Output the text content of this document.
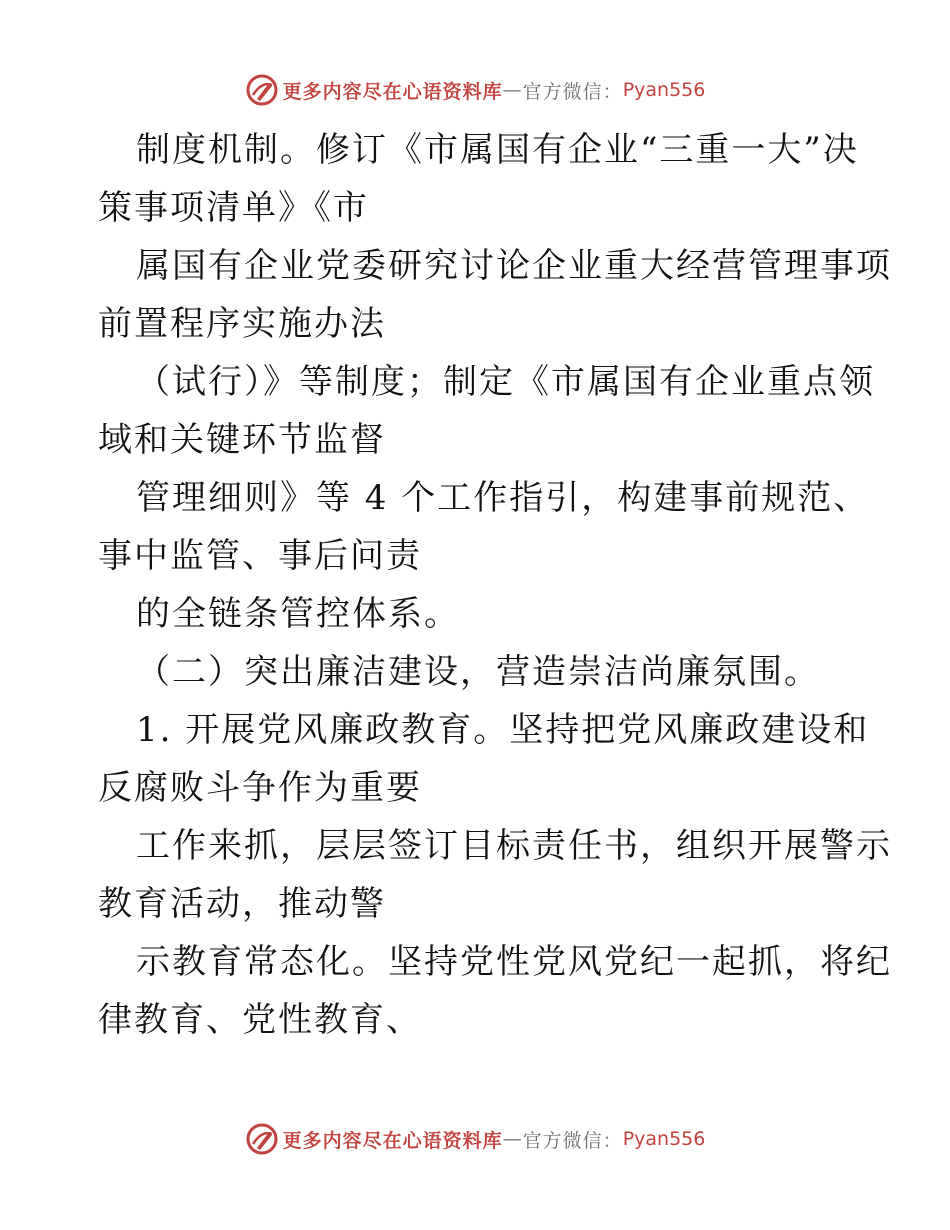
更多内容尽在心语资料库 — 官方微信： Pyan556
制度机制。修订《市属国有企业“三重一大”决
策事项清单》《市
属国有企业党委研究讨论企业重大经营管理事项
前置程序实施办法
（试行）》等制度；制定《市属国有企业重点领
域和关键环节监督
管理细则》等 4 个工作指引，构建事前规范、
事中监管、事后问责
的全链条管控体系。
（二）突出廉洁建设，营造崇洁尚廉氛围。
1. 开展党风廉政教育。坚持把党风廉政建设和
反腐败斗争作为重要
工作来抓，层层签订目标责任书，组织开展警示
教育活动，推动警
示教育常态化。坚持党性党风党纪一起抓，将纪
律教育、党性教育、
更多内容尽在心语资料库 — 官方微信： Pyan556
